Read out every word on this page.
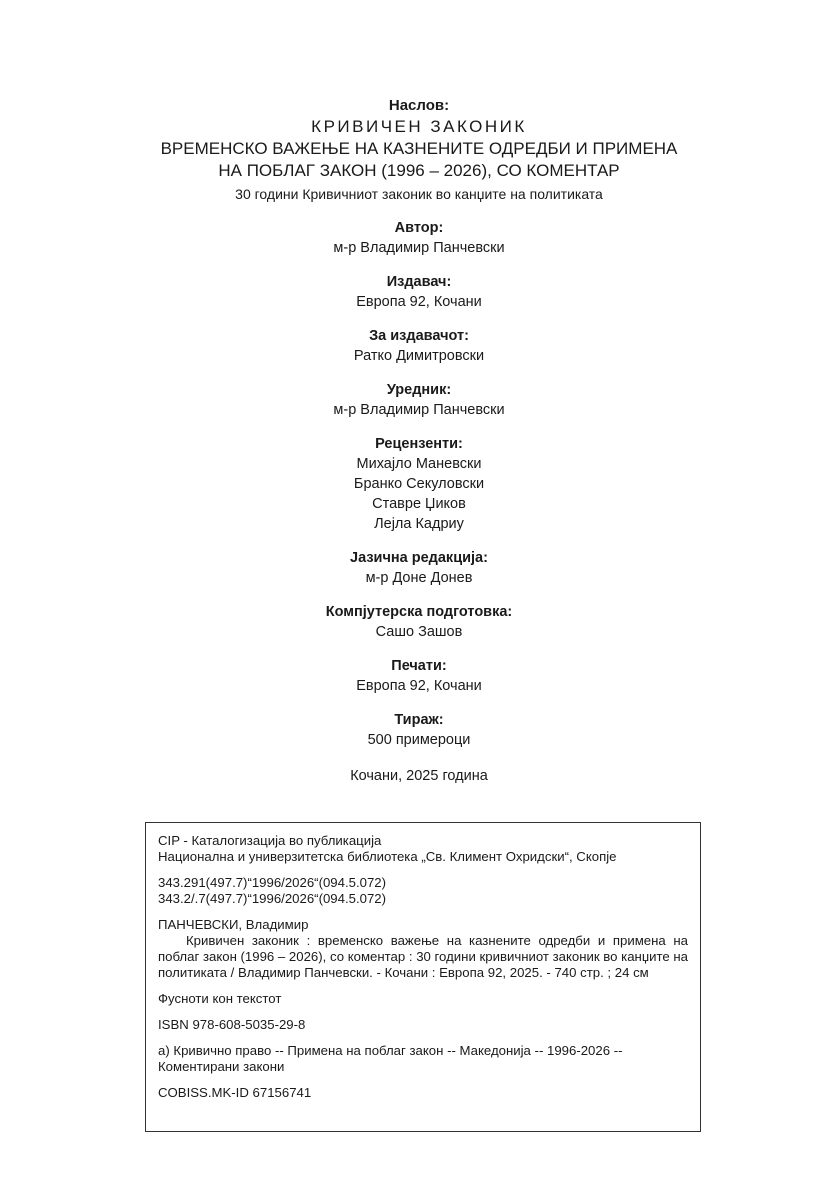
Наслов:
КРИВИЧЕН ЗАКОНИК
ВРЕМЕНСКО ВАЖЕЊЕ НА КАЗНЕНИТЕ ОДРЕДБИ И ПРИМЕНА
НА ПОБЛАГ ЗАКОН (1996 – 2026), СО КОМЕНТАР
30 години Кривичниот законик во канџите на политиката
Автор:
м-р Владимир Панчевски
Издавач:
Европа 92, Кочани
За издавачот:
Ратко Димитровски
Уредник:
м-р Владимир Панчевски
Рецензенти:
Михајло Маневски
Бранко Секуловски
Ставре Џиков
Лејла Кадриу
Јазична редакција:
м-р Доне Донев
Компјутерска подготовка:
Сашо Зашов
Печати:
Европа 92, Кочани
Тираж:
500 примероци
Кочани, 2025 година

CIP - Каталогизација во публикација

Национална и универзитетска библиотека „Св. Климент Охридски“, Скопје

343.291(497.7)“1996/2026“(094.5.072)

343.2/.7(497.7)“1996/2026“(094.5.072)

ПАНЧЕВСКИ, Владимир

Кривичен законик : временско важење на казнените одредби и примена на поблаг закон (1996 – 2026), со коментар : 30 години кривичниот законик во канџите на политиката / Владимир Панчевски. - Кочани : Европа 92, 2025. - 740 стр. ; 24 см

Фусноти кон текстот

ISBN 978-608-5035-29-8

а) Кривично право -- Примена на поблаг закон -- Македонија -- 1996-2026 -- Коментирани закони

COBISS.MK-ID 67156741
